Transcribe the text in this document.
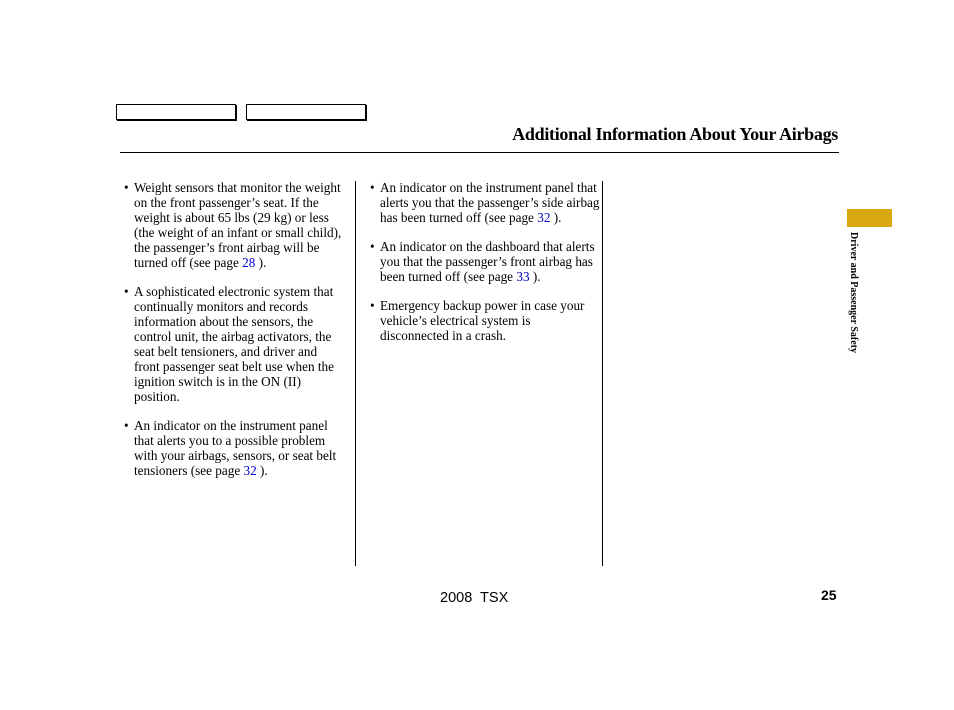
Additional Information About Your Airbags
• Weight sensors that monitor the weight on the front passenger’s seat. If the weight is about 65 lbs (29 kg) or less (the weight of an infant or small child), the passenger’s front airbag will be turned off (see page 28 ).
• A sophisticated electronic system that continually monitors and records information about the sensors, the control unit, the airbag activators, the seat belt tensioners, and driver and front passenger seat belt use when the ignition switch is in the ON (II) position.
• An indicator on the instrument panel that alerts you to a possible problem with your airbags, sensors, or seat belt tensioners (see page 32 ).
• An indicator on the instrument panel that alerts you that the passenger’s side airbag has been turned off (see page 32 ).
• An indicator on the dashboard that alerts you that the passenger’s front airbag has been turned off (see page 33 ).
• Emergency backup power in case your vehicle’s electrical system is disconnected in a crash.	Driver and Passenger Safety
2008  TSX	25
